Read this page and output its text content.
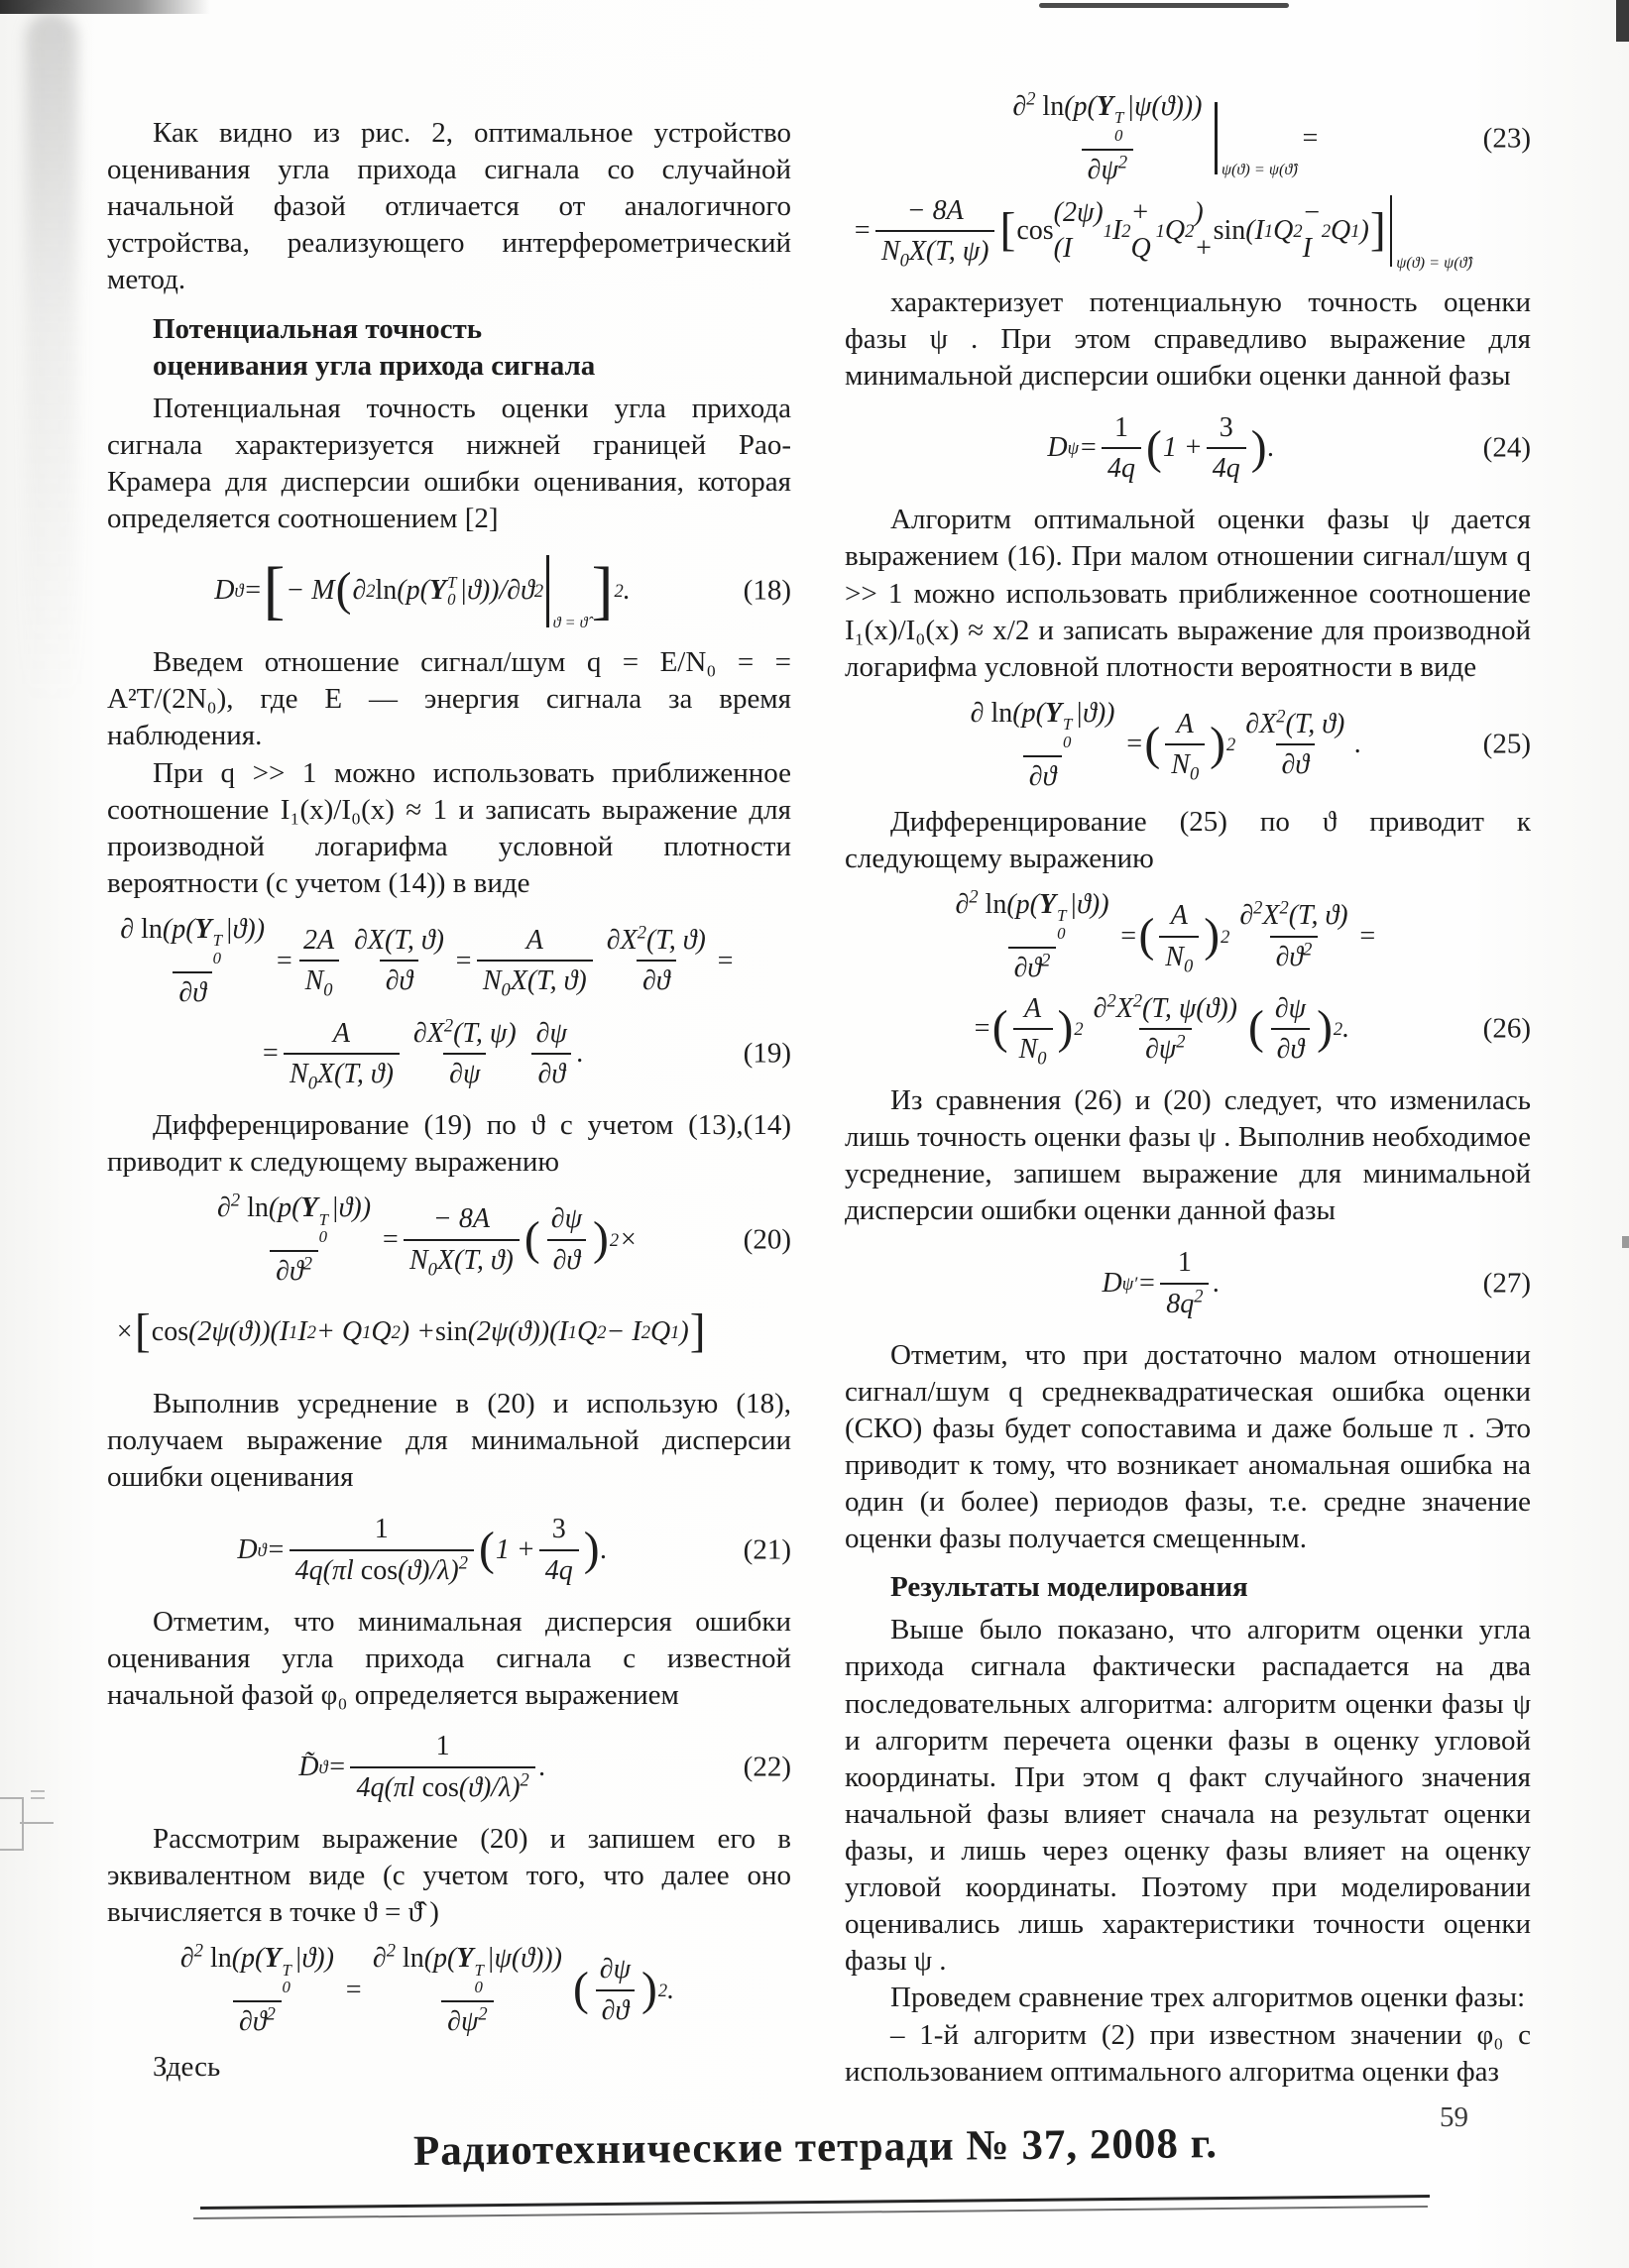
Как видно из рис. 2, оптимальное устройство оценивания угла прихода сигнала со случайной начальной фазой отличается от аналогичного устройства, реализующего интерферометрический метод.

Потенциальная точность
оценивания угла прихода сигнала

Потенциальная точность оценки угла прихода сигнала характеризуется нижней границей Рао-Крамера для дисперсии ошибки оценивания, которая определяется соотношением [2]

D ϑ = [ − M ( ∂ 2 ln (p( Y T
0 |ϑ)) /∂ϑ 2
ϑ = ϑ̂ ] 2 .	(18)

Введем отношение сигнал/шум q = E/N₀ = = A²T/(2N₀), где E — энергия сигнала за время наблюдения.

При q >> 1 можно использовать приближенное соотношение I₁(x)/I₀(x) ≈ 1 и записать выражение для производной логарифма условной плотности вероятности (с учетом (14)) в виде

∂ ln(p(Y T
0
|ϑ))
$\partial ϑ = \frac{2A}{N_0} \frac{\partial X(T, ϑ)}{\partial ϑ} = \frac{A}{N_0X(T, ϑ)} \frac{\partial X^2(T, ϑ)}{\partial ϑ}$ =
= $\frac{A}{N_0X(T, ϑ)} \frac{\partial X^2(T, \psi)}{\partial\psi} \frac{\partial\psi}{\partial ϑ}$ .	(19)

Дифференцирование (19) по ϑ с учетом (13),(14) приводит к следующему выражению

∂$^2$ ln(p(Y T
0
|ϑ))
$\partial ϑ^2 = \frac{- 8A}{N_0X(T, ϑ)}$ ( $\frac{\partial\psi}{\partial ϑ}$ ) 2 ×	(20)
× [ cos (2ψ(ϑ))(I 1 I 2 + Q 1 Q 2 ) + sin (2ψ(ϑ))(I 1 Q 2 − I 2 Q 1 ) ]

Выполнив усреднение в (20) и использую (18), получаем выражение для минимальной дисперсии ошибки оценивания

D $ϑ = \frac{1}{4q(\pi l \cos(ϑ)/\lambda)^2}$ ( $1 + \frac{3}{4q}$ ) .	(21)

Отметим, что минимальная дисперсия ошибки оценивания угла прихода сигнала с известной начальной фазой φ₀ определяется выражением

D̃ $ϑ = \frac{1}{4q(\pi l \cos(ϑ)/\lambda)^2}$ .	(22)

Рассмотрим выражение (20) и запишем его в эквивалентном виде (с учетом того, что далее оно вычисляется в точке ϑ = ϑ̂ )

∂$^2$ ln(p(Y T
0
|ϑ))
$\partial ϑ^2 = \partial^2$ ln(p(Y T
0
|ψ(ϑ)))
$\partial\psi^2$ ( $\frac{\partial\psi}{\partial ϑ}$ ) 2 .

Здесь

∂$^2$ ln(p(Y T
0
|ψ(ϑ)))
$\partial\psi^2$ ψ(ϑ) = ψ(ϑ̂)
=	(23)
= $\frac{- 8A}{N_0X(T, \psi)}$ [ cos
(2ψ)(I
1 I 2
+ Q
1 Q 2
) +
sin (I 1 Q 2
− I
2 Q 1 ) ]
ψ(ϑ) = ψ(ϑ̂)

характеризует потенциальную точность оценки фазы ψ . При этом справедливо выражение для минимальной дисперсии ошибки оценки данной фазы

D $\psi = \frac{1}{4q}$ ( $1 + \frac{3}{4q}$ ) .	(24)

Алгоритм оптимальной оценки фазы ψ дается выражением (16). При малом отношении сигнал/шум q >> 1 можно использовать приближенное соотношение I₁(x)/I₀(x) ≈ x/2 и записать выражение для производной логарифма условной плотности вероятности в виде

∂ ln(p(Y T
0
|ϑ))
∂ϑ = ( $\frac{A}{N_0}$ ) $2 \frac{\partial X^2(T, ϑ)}{\partial ϑ}$ .	(25)

Дифференцирование (25) по ϑ приводит к следующему выражению

∂$^2$ ln(p(Y T
0
|ϑ))
$\partial ϑ^2$ = ( $\frac{A}{N_0}$ ) $2 \frac{\partial^2X^2(T, ϑ)}{\partial ϑ^2}$ =
= ( $\frac{A}{N_0}$ ) $2 \frac{\partial^2X^2(T, \psi(ϑ))}{\partial\psi^2}$ ( $\frac{\partial\psi}{\partial ϑ}$ ) 2 .	(26)

Из сравнения (26) и (20) следует, что изменилась лишь точность оценки фазы ψ . Выполнив необходимое усреднение, запишем выражение для минимальной дисперсии ошибки оценки данной фазы

D $\psi' = \frac{1}{8q^2}$ .	(27)

Отметим, что при достаточно малом отношении сигнал/шум q среднеквадратическая ошибка оценки (СКО) фазы будет сопоставима и даже больше π . Это приводит к тому, что возникает аномальная ошибка на один (и более) периодов фазы, т.е. средне значение оценки фазы получается смещенным.

Результаты моделирования

Выше было показано, что алгоритм оценки угла прихода сигнала фактически распадается на два последовательных алгоритма: алгоритм оценки фазы ψ и алгоритм перечета оценки фазы в оценку угловой координаты. При этом q факт случайного значения начальной фазы влияет сначала на результат оценки фазы, и лишь через оценку фазы влияет на оценку угловой координаты. Поэтому при моделировании оценивались лишь характеристики точности оценки фазы ψ .

Проведем сравнение трех алгоритмов оценки фазы:

– 1-й алгоритм (2) при известном значении φ₀ с использованием оптимального алгоритма оценки фаз

59
Радиотехнические тетради № 37, 2008 г.
